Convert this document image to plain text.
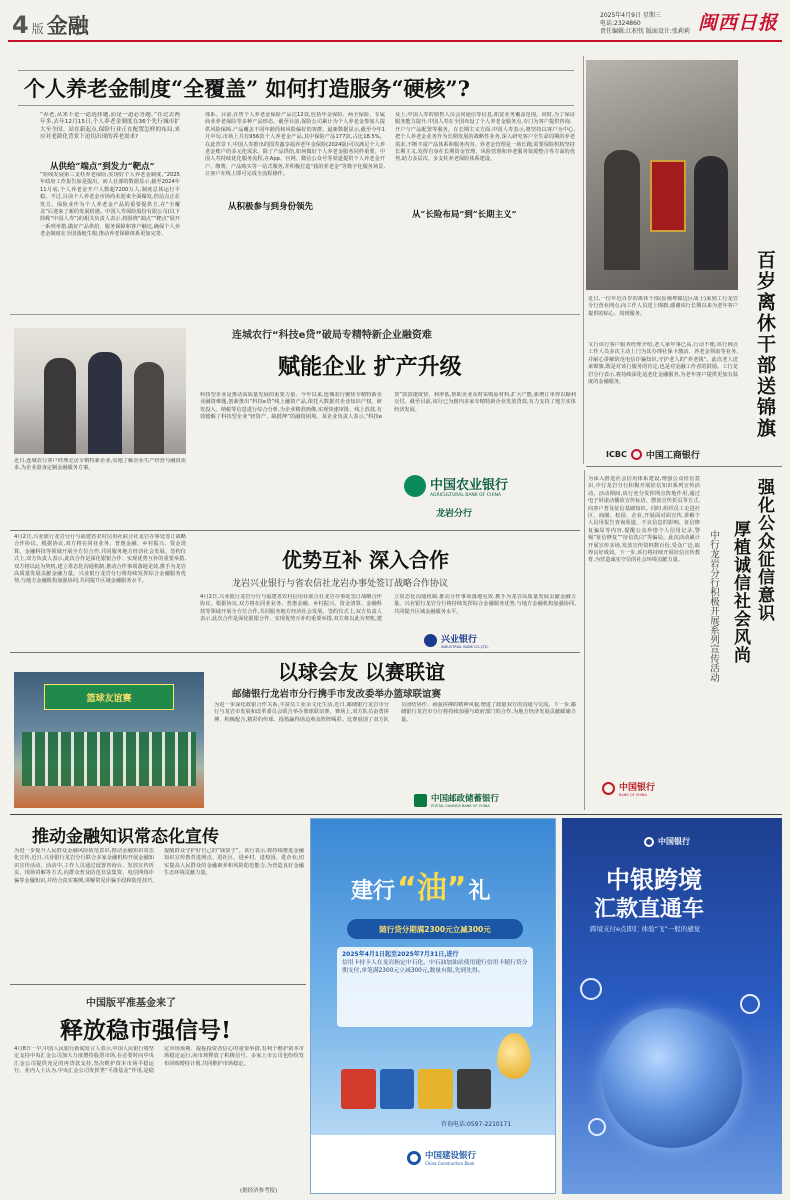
4 版 金融	2025年4月9日 星期三
电话:2324860
责任编辑:江积忱 版面设计:张莉莉 闽西日报
个人养老金制度“全覆盖” 如何打造服务“硬核”?
“养老,从来不是一道选择题,而是一道必答题。”在过去两年多,去年12月15日,个人养老金制度在36个先行城市扩大至全国。站在新起点,保险行业正在配置怎样的布局,来应对老龄化背景下迫切出现的养老需求?
从供给“端点”到发力“靶点”
“短线发展第三支柱养老保险,实现好个人养老金制度。”2025年政府工作报告如是提出。而人社部的数据显示,截至2024年11月底,个人养老金开户人数超7200万人,制度总体运行平稳。不过,目前个人养老金市场尚未迎来全面爆发,但站点正在发力。保险业作为个人养老金产品的重要提供方,在“全覆盖”后迎来了新的发展机遇。中国人寿保险股份有限公司(以下简称“中国人寿”)的相关负责人表示,将围绕“端点”“靶点”展开一系列举措,做好产品供给、服务保障和客户触达,确保个人养老金制度在全国落地生根,推动养老保障体系更加完善。
从积极参与到身份领先
体系。目前,在售个人养老金保险产品达12款,包括年金保险、两全保险、专属商业养老保险等多种产品形态。截至目前,保险公司累计为个人养老金参加人提供风险保障,产品覆盖不同年龄段和风险偏好的客群。最新数据显示,截至今年1月中旬,市场上共有956款个人养老金产品,其中保险产品177款,占比18.5%。在此背景下,中国人寿推出的国寿鑫享福养老年金保险(2024版)可以满足个人养老金账户的多元化需求。除了产品供给,如何做好个人养老金服务同样重要。中国人寿持续优化服务流程,在App、官网、微信公众号等渠道提供个人养老金开户、缴费、产品购买等一站式服务,并积极打造“我的养老金”等数字化服务场景,让客户在线上即可完成全流程操作。
从“长险布局”到“长期主义”
及上,中国人寿的销售人员会同通信等信息,拓宽业务覆盖范围。同时,为了保证服务能力提升,中国人寿在全国布设了个人养老金服务点,专门为客户提供咨询、开户与产品配置等服务。在长期主义方面,中国人寿表示,将坚持以客户为中心,把个人养老金业务作为长期发展的战略性业务,深入研究客户全生命周期的养老需求,不断丰富产品体系和服务内容。养老金管理是一场长跑,需要保险机构坚持长期主义,发挥自身在长期资金管理、风险管理和养老服务资源整合等方面的优势,助力多层次、多支柱养老保险体系建设。
百岁离休干部送锦旗
近日,一位年近百岁的离休干部(原闽粤赣边区战士)来到工行龙岩分行营业网点,向工作人员送上锦旗,感谢该行长期以来为老年客户提供的贴心、周到服务。
文行该行客户服务经理介绍,老人家年事已高,行动不便,该行网点工作人员多次主动上门为其办理社保卡激活、养老金领取等业务,并耐心讲解防范电信诈骗知识,守护老人的“养老钱”。此次老人送来锦旗,既是对该行服务的肯定,也是对金融工作者的鼓励。工行龙岩分行表示,将持续深化适老化金融服务,为老年客户提供更加有温度的金融服务。
ICBC 中国工商银行
连城农行“科技e贷”破局专精特新企业融资难
赋能企业 扩产升级
近日,连城农行客户经理走访专精特新企业,实地了解企业生产经营与融资需求,为企业量身定制金融服务方案。
科技型企业是推动高质量发展的重要力量。今年以来,连城农行聚焦专精特新企业融资难题,创新推出“科技e贷”线上融资产品,依托大数据对企业知识产权、研发投入、纳税等信息进行综合分析,为企业精准画像,实现快速审批、线上放款,有效缓解了科技型企业“轻资产、缺抵押”的融资困境。某企业负责人表示,“科技e贷”放款速度快、利率低,帮助企业及时采购原材料,扩大产能,新增订单得以顺利交付。截至目前,该行已为辖内多家专精特新企业发放贷款,有力支持了地方实体经济发展。
中国农业银行
AGRICULTURAL BANK OF CHINA
龙岩分行
4月2日,兴业银行龙岩分行与福建省农村信用社联合社龙岩办事处签订战略合作协议。根据协议,双方将在同业业务、普惠金融、乡村振兴、资金清算、金融科技等领域开展全方位合作,共同服务地方经济社会发展。签约仪式上,双方负责人表示,此次合作是深化银银合作、实现优势互补的重要举措,双方将以此为契机,建立常态化沟通机制,推动合作事项落地见效,携手为龙岩高质量发展贡献金融力量。兴业银行龙岩分行将持续发挥综合金融服务优势,与地方金融机构加强协同,共同提升区域金融服务水平。
优势互补 深入合作
龙岩兴业银行与省农信社龙岩办事处签订战略合作协议
4月2日,兴业银行龙岩分行与福建省农村信用社联合社龙岩办事处签订战略合作协议。根据协议,双方将在同业业务、普惠金融、乡村振兴、资金清算、金融科技等领域开展全方位合作,共同服务地方经济社会发展。签约仪式上,双方负责人表示,此次合作是深化银银合作、实现优势互补的重要举措,双方将以此为契机,建立常态化沟通机制,推动合作事项落地见效,携手为龙岩高质量发展贡献金融力量。兴业银行龙岩分行将持续发挥综合金融服务优势,与地方金融机构加强协同,共同提升区域金融服务水平。
兴业银行
INDUSTRIAL BANK CO.,LTD.
以球会友 以赛联谊
邮储银行龙岩市分行携手市发改委举办篮球联谊赛
篮球友谊赛
为进一步深化政银合作关系,丰富员工业余文化生活,近日,邮储银行龙岩市分行与龙岩市发展和改革委员会联合举办篮球联谊赛。赛场上,双方队员奋勇拼搏、积极配合,精彩的传球、投篮赢得场边观众阵阵喝彩。比赛展现了双方队员团结协作、顽强拼搏的精神风貌,增进了政银双方的沟通与交流。下一步,邮储银行龙岩市分行将持续加强与政府部门的合作,为地方经济发展贡献邮储力量。
中国邮政储蓄银行
POSTAL SAVINGS BANK OF CHINA
强化公众征信意识
厚植诚信社会风尚
中行龙岩分行积极开展系列宣传活动
为深入推进社会信用体系建设,增强公众征信意识,中行龙岩分行积极开展征信知识系列宣传活动。活动期间,该行充分发挥网点阵地作用,通过电子屏滚动播放宣传标语、摆放宣传折页等方式,向客户普及征信基础知识。同时,组织员工走进社区、商圈、校园、企业,开展面对面宣传,讲解个人信用报告查询渠道、不良信息的影响、征信修复骗局等内容,提醒公众珍惜个人信用记录,警惕“征信修复”“征信洗白”等骗局。此次活动累计开展宣传多场,发放宣传资料数百份,受众广泛,取得良好成效。下一步,该行将持续开展征信宣传教育,为营造诚实守信的社会环境贡献力量。
中国银行
BANK OF CHINA
推动金融知识常态化宣传
为进一步提升人民群众金融风险防范意识,推动金融知识常态化宣传,近日,兴业银行龙岩分行联合多家金融机构开展金融知识宣传活动。活动中,工作人员通过设置咨询台、发放宣传折页、现场讲解等方式,向群众普及防范非法集资、电信网络诈骗等金融知识,并结合真实案例,讲解常见诈骗手段和防范技巧,提醒群众守护好自己的“钱袋子”。该行表示,将持续推进金融知识宣传教育进网点、进社区、进乡村、进校园、进企业,切实提高人民群众的金融素养和风险防范能力,为营造良好金融生态环境贡献力量。
中国版平准基金来了
释放稳市强信号!
4月8日一早,中国人民银行新闻发言人表示,中国人民银行将坚定支持中央汇金公司加大力度增持股票市场,在必要时向中央汇金公司提供充足的再贷款支持,坚决维护资本市场平稳运行。业内人士认为,中央汇金公司发挥类“平准基金”作用,是稳定市场预期、提振投资者信心的重要举措,有利于维护资本市场稳定运行,向市场释放了积极信号。多家上市公司也纷纷发布回购增持计划,共同维护市场稳定。
(据经济参考报)
建行 “油” 礼
随行贷分期满2300元立减300元
2025年4月1日起至2025年7月31日,进行
信用卡持卡人在龙岩指定中石化、中石油加油站使用建行信用卡随行贷分期支付,单笔满2300元立减300元,数量有限,先到先得。
咨询电话:0597-2210171
中国建设银行
China Construction Bank
中国银行
中银跨境
汇款直通车
跨境支付e点即汇 体验“飞”一般的感觉
